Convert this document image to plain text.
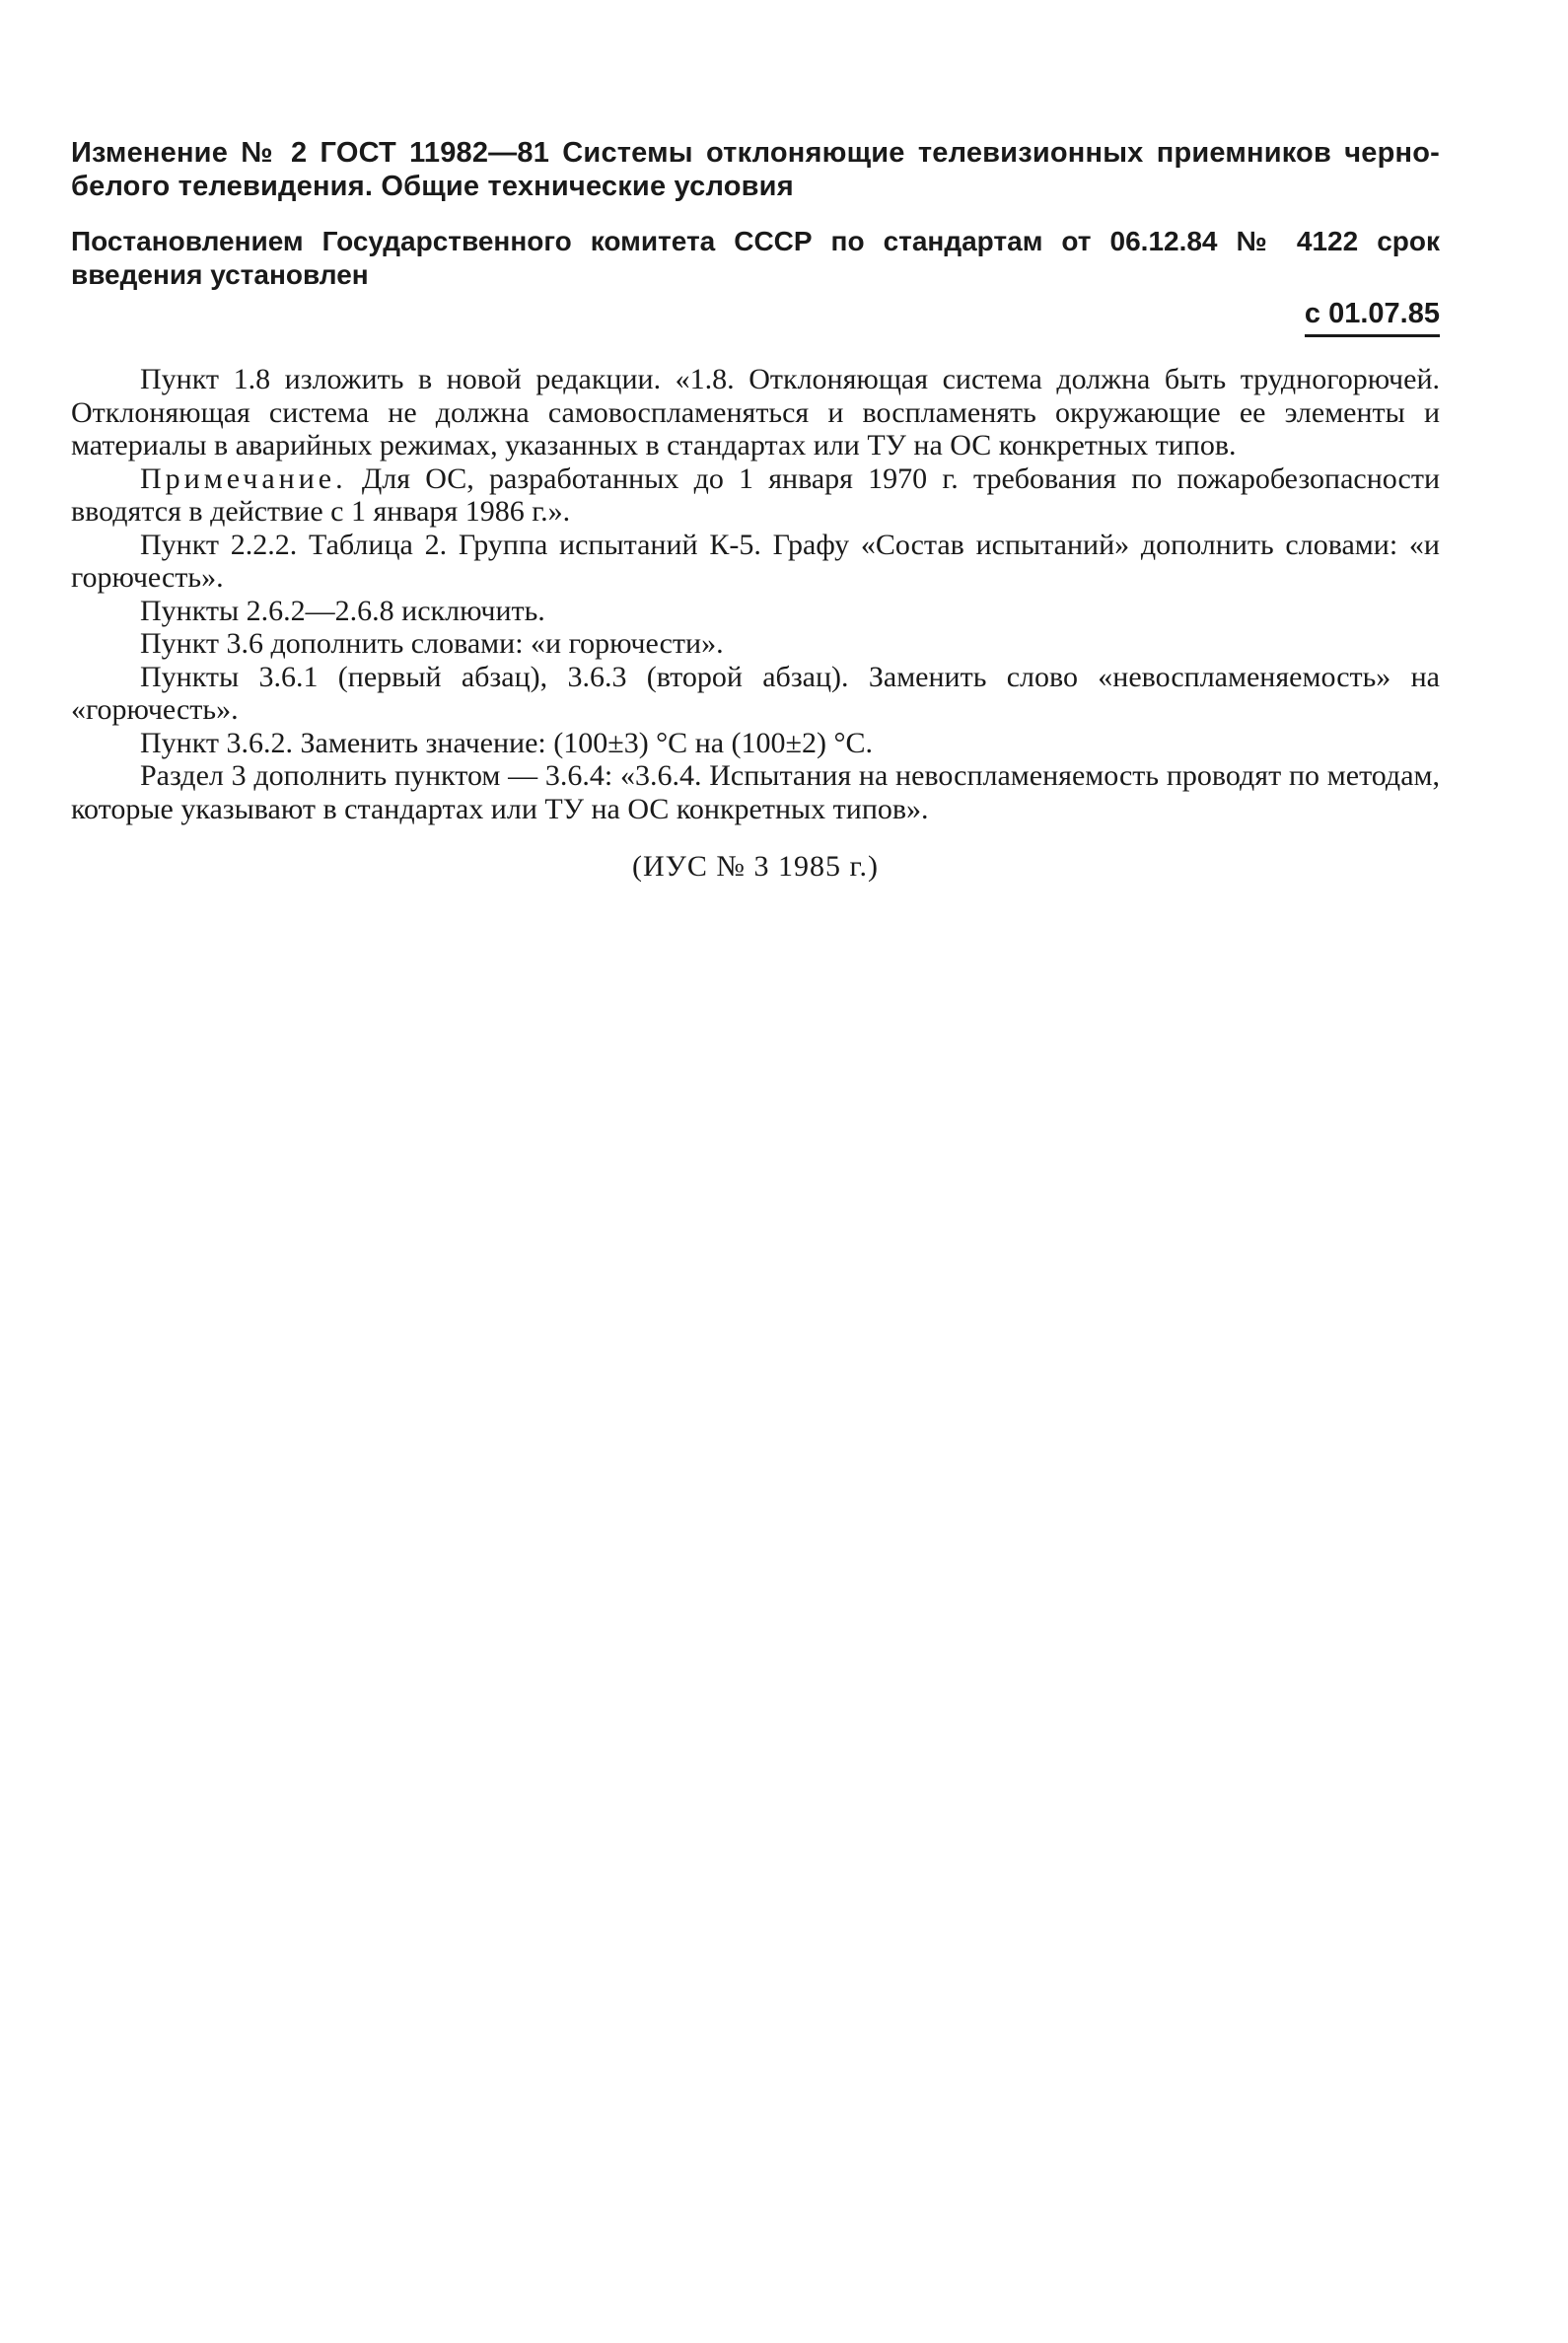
Изменение № 2 ГОСТ 11982—81 Системы отклоняющие телевизионных приемников черно-белого телевидения. Общие технические условия

Постановлением Государственного комитета СССР по стандартам от 06.12.84 № 4122 срок введения установлен
с 01.07.85

Пункт 1.8 изложить в новой редакции. «1.8. Отклоняющая система должна быть трудногорючей. Отклоняющая система не должна самовоспламеняться и воспламенять окружающие ее элементы и материалы в аварийных режимах, указанных в стандартах или ТУ на ОС конкретных типов.

Примечание. Для ОС, разработанных до 1 января 1970 г. требования по пожаробезопасности вводятся в действие с 1 января 1986 г.».

Пункт 2.2.2. Таблица 2. Группа испытаний К-5. Графу «Состав испытаний» дополнить словами: «и горючесть».

Пункты 2.6.2—2.6.8 исключить.

Пункт 3.6 дополнить словами: «и горючести».

Пункты 3.6.1 (первый абзац), 3.6.3 (второй абзац). Заменить слово «невоспламеняемость» на «горючесть».

Пункт 3.6.2. Заменить значение: (100±3) °С на (100±2) °С.

Раздел 3 дополнить пунктом — 3.6.4: «3.6.4. Испытания на невоспламеняемость проводят по методам, которые указывают в стандартах или ТУ на ОС конкретных типов».

(ИУС № 3 1985 г.)
